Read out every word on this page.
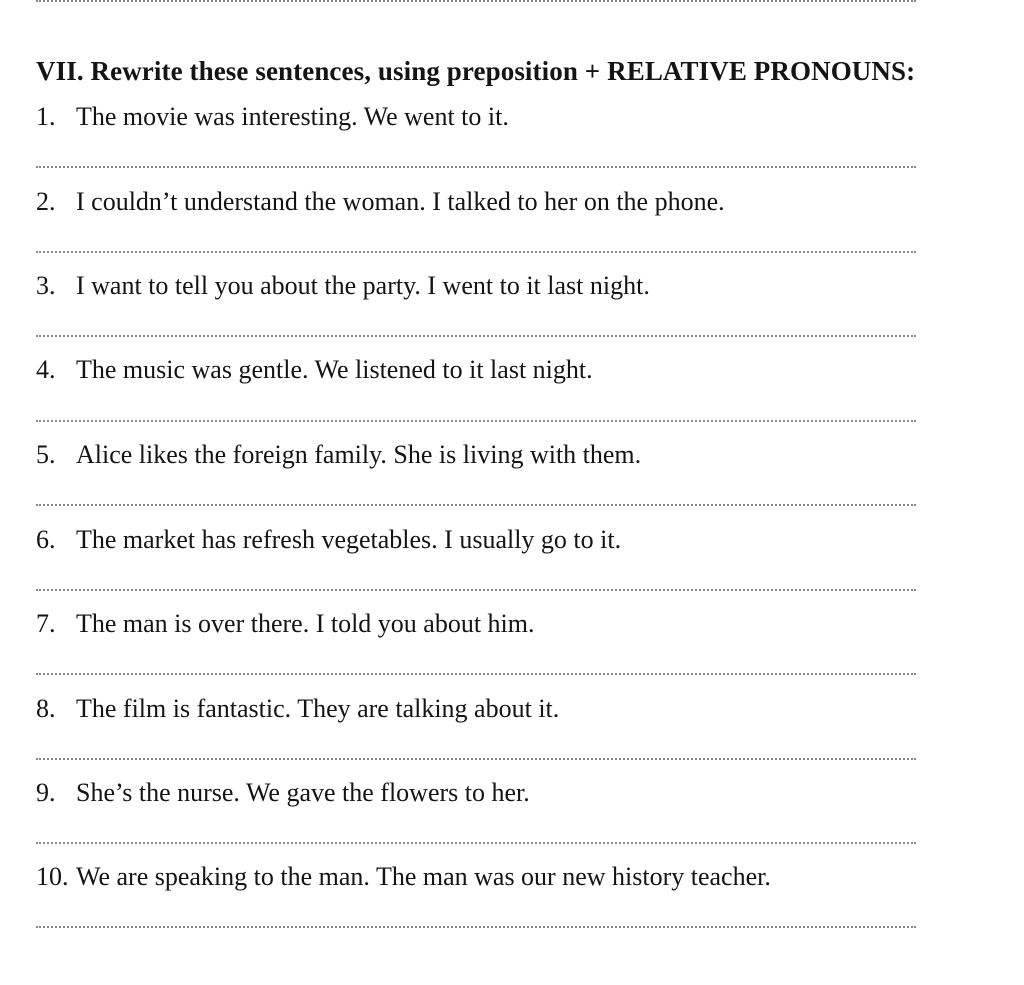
VII. Rewrite these sentences, using preposition + RELATIVE PRONOUNS:
1. The movie was interesting. We went to it.
2. I couldn’t understand the woman. I talked to her on the phone.
3. I want to tell you about the party. I went to it last night.
4. The music was gentle. We listened to it last night.
5. Alice likes the foreign family. She is living with them.
6. The market has refresh vegetables. I usually go to it.
7. The man is over there. I told you about him.
8. The film is fantastic. They are talking about it.
9. She’s the nurse. We gave the flowers to her.
10. We are speaking to the man. The man was our new history teacher.
